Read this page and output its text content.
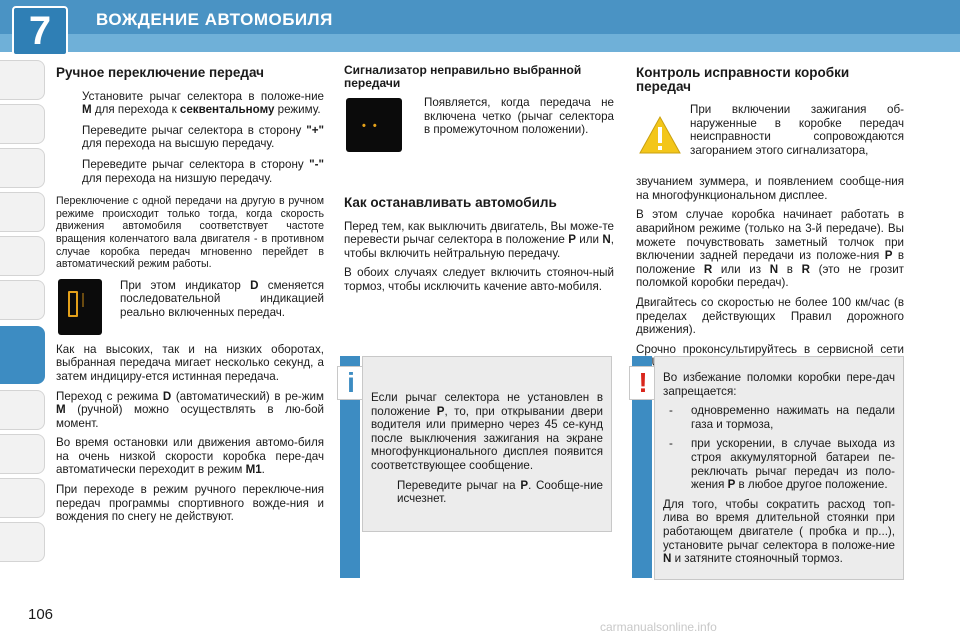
7	ВОЖДЕНИЕ АВТОМОБИЛЯ
Ручное переключение передач
Установите рычаг селектора в положе-ние M для перехода к секвентальному режиму.
Переведите рычаг селектора в сторону "+" для перехода на высшую передачу.
Переведите рычаг селектора в сторону "-" для перехода на низшую передачу.

Переключение с одной передачи на другую в ручном режиме происходит только тогда, когда скорость движения автомобиля соответствует частоте вращения коленчатого вала двигателя - в противном случае коробка передач мгновенно перейдет в автоматический режим работы.

При этом индикатор D сменяется последовательной индикацией реально включенных передач.

Как на высоких, так и на низких оборотах, выбранная передача мигает несколько секунд, а затем индициру-ется истинная передача.

Переход с режима D (автоматический) в ре-жим M (ручной) можно осуществлять в лю-бой момент.

Во время остановки или движения автомо-биля на очень низкой скорости коробка пере-дач автоматически переходит в режим M1.

При переходе в режим ручного переключе-ния передач программы спортивного вожде-ния и вождения по снегу не действуют.

Сигнализатор неправильно выбранной передачи
• •

Появляется, когда передача не включена четко (рычаг селектора в промежуточном положении).

Как останавливать автомобиль

Перед тем, как выключить двигатель, Вы може-те перевести рычаг селектора в положение P или N, чтобы включить нейтральную передачу.

В обоих случаях следует включить стояноч-ный тормоз, чтобы исключить качение авто-мобиля.

i	Если рычаг селектора не установлен в положение P, то, при открывании двери водителя или примерно через 45 се-кунд после выключения зажигания на экране многофункционального дисплея появится соответствующее сообщение.

Переведите рычаг на P. Сообще-ние исчезнет.
Контроль исправности коробки передач

При включении зажигания об-наруженные в коробке передач неисправности сопровождаются загоранием этого сигнализатора,

звучанием зуммера, и появлением сообще-ния на многофункциональном дисплее.

В этом случае коробка начинает работать в аварийном режиме (только на 3-й передаче). Вы можете почувствовать заметный толчок при включении задней передачи из положе-ния P в положение R или из N в R (это не грозит поломкой коробки передач).

Двигайтесь со скоростью не более 100 км/час (в пределах действующих Правил дорожного движения).

Срочно проконсультируйтесь в сервисной сети

!	Во избежание поломки коробки пере-дач запрещается:

- одновременно нажимать на педали газа и тормоза,
- при ускорении, в случае выхода из строя аккумуляторной батареи пе-реключать рычаг передач из поло-жения P в любое другое положение.

Для того, чтобы сократить расход топ-лива во время длительной стоянки при работающем двигателе ( пробка и пр...), установите рычаг селектора в положе-ние N и затяните стояночный тормоз.

106
carmanualsonline.info
